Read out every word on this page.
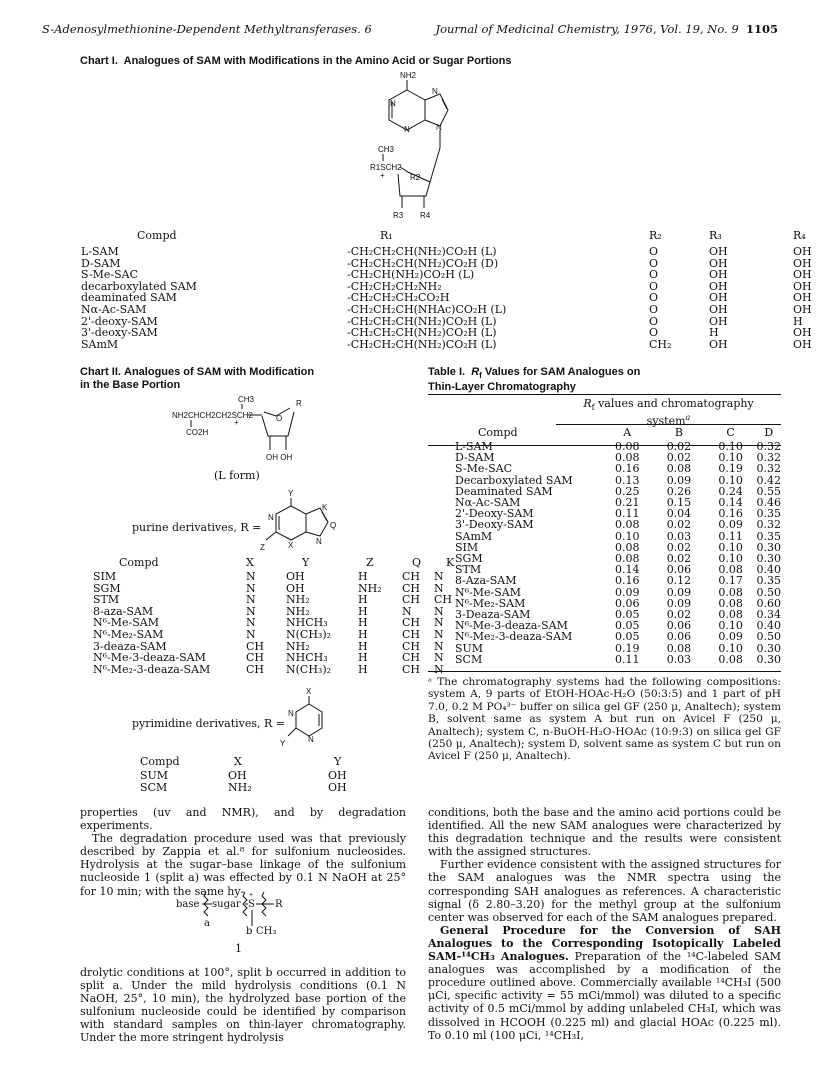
S-Adenosylmethionine-Dependent Methyltransferases. 6	Journal of Medicinal Chemistry, 1976, Vol. 19, No. 9 1105
Chart I. Analogues of SAM with Modifications in the Amino Acid or Sugar Portions
NH2
N
N
N
N
CH3
R1SCH2
+	R2
R3 R4
Compd	R₁	R₂	R₃	R₄
L-SAM	-CH₂CH₂CH(NH₂)CO₂H (L)	O	OH	OH
D-SAM	-CH₂CH₂CH(NH₂)CO₂H (D)	O	OH	OH
S-Me-SAC	-CH₂CH(NH₂)CO₂H (L)	O	OH	OH
decarboxylated SAM	-CH₂CH₂CH₂NH₂	O	OH	OH
deaminated SAM	-CH₂CH₂CH₂CO₂H	O	OH	OH
Nα-Ac-SAM	-CH₂CH₂CH(NHAc)CO₂H (L)	O	OH	OH
2'-deoxy-SAM	-CH₂CH₂CH(NH₂)CO₂H (L)	O	OH	H
3'-deoxy-SAM	-CH₂CH₂CH(NH₂)CO₂H (L)	O	H	OH
SAmM	-CH₂CH₂CH(NH₂)CO₂H (L)	CH₂	OH	OH
Chart II. Analogues of SAM with Modification
in the Base Portion
CH3
NH2CHCH2CH2SCH2
+
CO2H
O
R
OH OH
(L form)
purine derivatives, R =
Y
K
Q
N
N
Z	X
Compd	X	Y	Z	Q	K
SIM	N	OH	H	CH	N
SGM	N	OH	NH₂	CH	N
STM	N	NH₂	H	CH	CH
8-aza-SAM	N	NH₂	H	N	N
N⁶-Me-SAM	N	NHCH₃	H	CH	N
N⁶-Me₂-SAM	N	N(CH₃)₂	H	CH	N
3-deaza-SAM	CH	NH₂	H	CH	N
N⁶-Me-3-deaza-SAM	CH	NHCH₃	H	CH	N
N⁶-Me₂-3-deaza-SAM	CH	N(CH₃)₂	H	CH	N
pyrimidine derivatives, R =
X
N
N
Y
Compd	X	Y
SUM	OH	OH
SCM	NH₂	OH
Table I. $R_f$ Values for SAM Analogues on
Thin-Layer Chromatography
$R_f$ values and chromatography
system$^a$
Compd	A	B	C	D
L-SAM	0.08	0.02	0.10	0.32
D-SAM	0.08	0.02	0.10	0.32
S-Me-SAC	0.16	0.08	0.19	0.32
Decarboxylated SAM	0.13	0.09	0.10	0.42
Deaminated SAM	0.25	0.26	0.24	0.55
Nα-Ac-SAM	0.21	0.15	0.14	0.46
2'-Deoxy-SAM	0.11	0.04	0.16	0.35
3'-Deoxy-SAM	0.08	0.02	0.09	0.32
SAmM	0.10	0.03	0.11	0.35
SIM	0.08	0.02	0.10	0.30
SGM	0.08	0.02	0.10	0.30
STM	0.14	0.06	0.08	0.40
8-Aza-SAM	0.16	0.12	0.17	0.35
N⁶-Me-SAM	0.09	0.09	0.08	0.50
N⁶-Me₂-SAM	0.06	0.09	0.08	0.60
3-Deaza-SAM	0.05	0.02	0.08	0.34
N⁶-Me-3-deaza-SAM	0.05	0.06	0.10	0.40
N⁶-Me₂-3-deaza-SAM	0.05	0.06	0.09	0.50
SUM	0.19	0.08	0.10	0.30
SCM	0.11	0.03	0.08	0.30
ᵃ The chromatography systems had the following compositions: system A, 9 parts of EtOH-HOAc-H₂O (50:3:5) and 1 part of pH 7.0, 0.2 M PO₄³⁻ buffer on silica gel GF (250 μ, Analtech); system B, solvent same as system A but run on Avicel F (250 μ, Analtech); system C, n-BuOH-H₂O-HOAc (10:9:3) on silica gel GF (250 μ, Analtech); system D, solvent same as system C but run on Avicel F (250 μ, Analtech).

properties (uv and NMR), and by degradation experiments.

The degradation procedure used was that previously described by Zappia et al.⁸ for sulfonium nucleosides. Hydrolysis at the sugar–base linkage of the sulfonium nucleoside 1 (split a) was effected by 0.1 N NaOH at 25° for 10 min; with the same hy-

base sugar S
+
R
a
b CH₃
1

drolytic conditions at 100°, split b occurred in addition to split a. Under the mild hydrolysis conditions (0.1 N NaOH, 25°, 10 min), the hydrolyzed base portion of the sulfonium nucleoside could be identified by comparison with standard samples on thin-layer chromatography. Under the more stringent hydrolysis

conditions, both the base and the amino acid portions could be identified. All the new SAM analogues were characterized by this degradation technique and the results were consistent with the assigned structures.

Further evidence consistent with the assigned structures for the SAM analogues was the NMR spectra using the corresponding SAH analogues as references. A characteristic signal (δ 2.80–3.20) for the methyl group at the sulfonium center was observed for each of the SAM analogues prepared.

General Procedure for the Conversion of SAH Analogues to the Corresponding Isotopically Labeled SAM-¹⁴CH₃ Analogues. Preparation of the ¹⁴C-labeled SAM analogues was accomplished by a modification of the procedure outlined above. Commercially available ¹⁴CH₃I (500 μCi, specific activity = 55 mCi/mmol) was diluted to a specific activity of 0.5 mCi/mmol by adding unlabeled CH₃I, which was dissolved in HCOOH (0.225 ml) and glacial HOAc (0.225 ml). To 0.10 ml (100 μCi, ¹⁴CH₃I,
